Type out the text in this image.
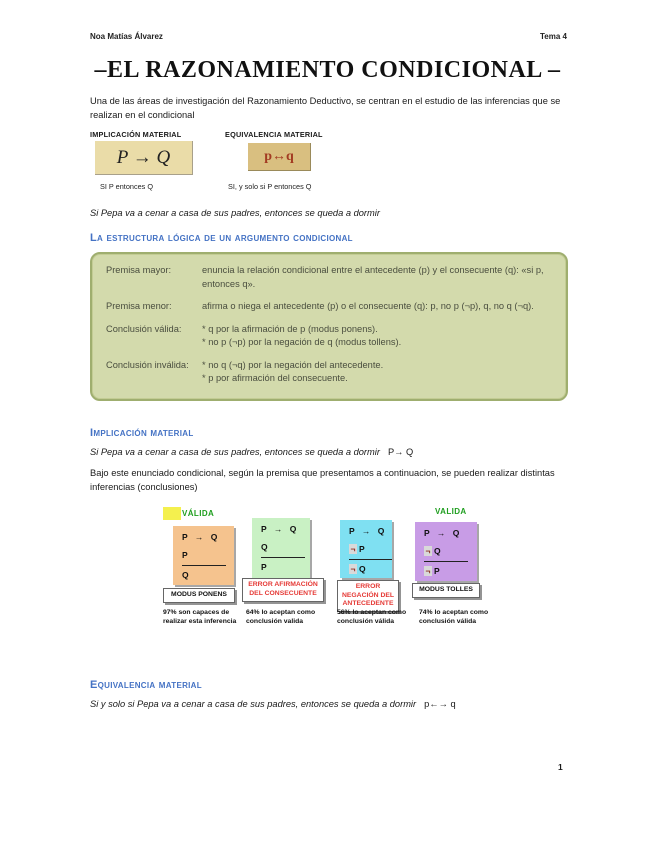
Noa Matías Álvarez	Tema 4
–EL RAZONAMIENTO CONDICIONAL –
Una de las áreas de investigación del Razonamiento Deductivo, se centran en el estudio de las inferencias que se realizan en el condicional
IMPLICACIÓN MATERIAL	EQUIVALENCIA MATERIAL
P → Q	p↔q
SI P entonces Q	SI, y solo si P entonces Q
Si Pepa va a cenar a casa de sus padres, entonces se queda a dormir
La estructura lógica de un argumento condicional
Premisa mayor:	enuncia la relación condicional entre el antecedente (p) y el consecuente (q): «si p, entonces q».
Premisa menor:	afirma o niega el antecedente (p) o el consecuente (q): p, no p (¬p), q, no q (¬q).
Conclusión válida:	* q por la afirmación de p (modus ponens).
* no p (¬p) por la negación de q (modus tollens).
Conclusión inválida:	* no q (¬q) por la negación del antecedente.
* p por afirmación del consecuente.
Implicación material
Si Pepa va a cenar a casa de sus padres, entonces se queda a dormir P→ Q
Bajo este enunciado condicional, según la premisa que presentamos a continuacion, se pueden realizar distintas inferencias (conclusiones)
VÁLIDA	VALIDA
P → Q
P
Q
P → Q
Q
P
P → Q
¬ P
¬ Q
P → Q
¬ Q
¬ P
MODUS PONENS
ERROR AFIRMACIÓN DEL CONSECUENTE
ERROR NEGACIÓN DEL ANTECEDENTE
MODUS TOLLES
97% son capaces de realizar esta inferencia
64% lo aceptan como conclusión valida
56% lo aceptan como conclusión válida
74% lo aceptan como conclusión válida
Equivalencia material
Si y solo si Pepa va a cenar a casa de sus padres, entonces se queda a dormir p←→ q
1
